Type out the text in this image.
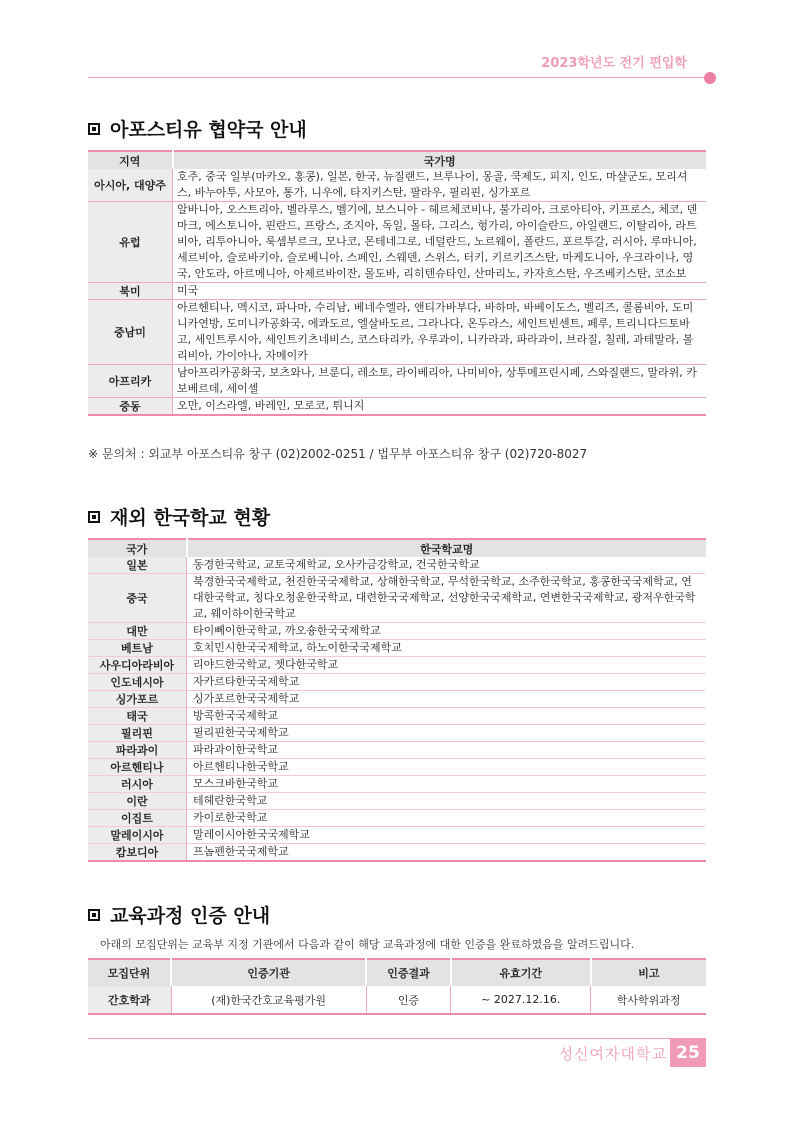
2023학년도 전기 편입학
아포스티유 협약국 안내
지역	국가명
아시아, 대양주	호주, 중국 일부(마카오, 홍콩), 일본, 한국, 뉴질랜드, 브루나이, 몽골, 쿡제도, 피지, 인도, 마샬군도, 모리셔스, 바누아투, 사모아, 통가, 니우에, 타지키스탄, 팔라우, 필리핀, 싱가포르
유럽	알바니아, 오스트리아, 벨라루스, 벨기에, 보스니아 - 헤르체코비나, 불가리아, 크로아티아, 키프로스, 체코, 덴마크, 에스토니아, 핀란드, 프랑스, 조지아, 독일, 몰타, 그리스, 헝가리, 아이슬란드, 아일랜드, 이탈리아, 라트비아, 리투아니아, 룩셈부르크, 모나코, 몬테네그로, 네덜란드, 노르웨이, 폴란드, 포르투갈, 러시아, 루마니아, 세르비아, 슬로바키아, 슬로베니아, 스페인, 스웨덴, 스위스, 터키, 키르키즈스탄, 마케도니아, 우크라이나, 영국, 안도라, 아르메니아, 아제르바이잔, 몰도바, 리히텐슈타인, 산마리노, 카자흐스탄, 우즈베키스탄, 코소보
북미	미국
중남미	아르헨티나, 멕시코, 파나마, 수리남, 베네수엘라, 앤티가바부다, 바하마, 바베이도스, 벨리즈, 콜롬비아, 도미니카연방, 도미니카공화국, 에콰도르, 엘살바도르, 그라나다, 온두라스, 세인트빈센트, 페루, 트리니다드토바고, 세인트루시아, 세인트키츠네비스, 코스타리카, 우루과이, 니카라과, 파라과이, 브라질, 칠레, 과테말라, 볼리비아, 가이아나, 자메이카
아프리카	남아프리카공화국, 보츠와나, 브룬디, 레소토, 라이베리아, 나미비아, 상투메프린시페, 스와질랜드, 말라위, 카보베르데, 세이셸
중동	오만, 이스라엘, 바레인, 모로코, 튀니지
※ 문의처 : 외교부 아포스티유 창구 (02)2002-0251 / 법무부 아포스티유 창구 (02)720-8027
재외 한국학교 현황
국가	한국학교명
일본	동경한국학교, 교토국제학교, 오사카금강학교, 건국한국학교
중국	북경한국국제학교, 천진한국국제학교, 상해한국학교, 무석한국학교, 소주한국학교, 홍콩한국국제학교, 연대한국학교, 칭다오청운한국학교, 대련한국국제학교, 선양한국국제학교, 연변한국국제학교, 광저우한국학교, 웨이하이한국학교
대만	타이뻬이한국학교, 까오숑한국국제학교
베트남	호치민시한국국제학교, 하노이한국국제학교
사우디아라비아	리야드한국학교, 젯다한국학교
인도네시아	자카르타한국국제학교
싱가포르	싱가포르한국국제학교
태국	방콕한국국제학교
필리핀	필리핀한국국제학교
파라과이	파라과이한국학교
아르헨티나	아르헨티나한국학교
러시아	모스크바한국학교
이란	테헤란한국학교
이집트	카이로한국학교
말레이시아	말레이시아한국국제학교
캄보디아	프놈펜한국국제학교
교육과정 인증 안내
아래의 모집단위는 교육부 지정 기관에서 다음과 같이 해당 교육과정에 대한 인증을 완료하였음을 알려드립니다.
모집단위	인증기관	인증결과	유효기간	비고
간호학과	(재)한국간호교육평가원	인증	~ 2027.12.16.	학사학위과정
성신여자대학교 25
